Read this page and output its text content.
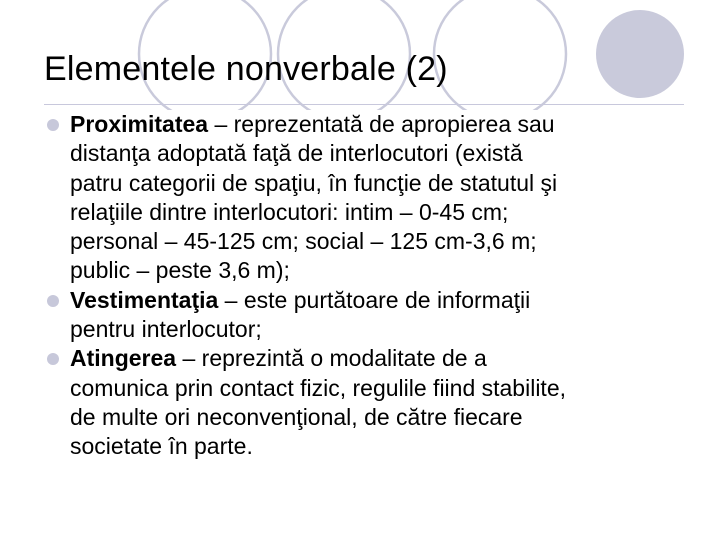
Elementele nonverbale (2)
Proximitatea – reprezentată de apropierea sau
distanţa adoptată faţă de interlocutori (există
patru categorii de spaţiu, în funcţie de statutul şi
relaţiile dintre interlocutori: intim – 0-45 cm;
personal – 45-125 cm; social – 125 cm-3,6 m;
public – peste 3,6 m);
Vestimentaţia – este purtătoare de informaţii
pentru interlocutor;
Atingerea – reprezintă o modalitate de a
comunica prin contact fizic, regulile fiind stabilite,
de multe ori neconvenţional, de către fiecare
societate în parte.
